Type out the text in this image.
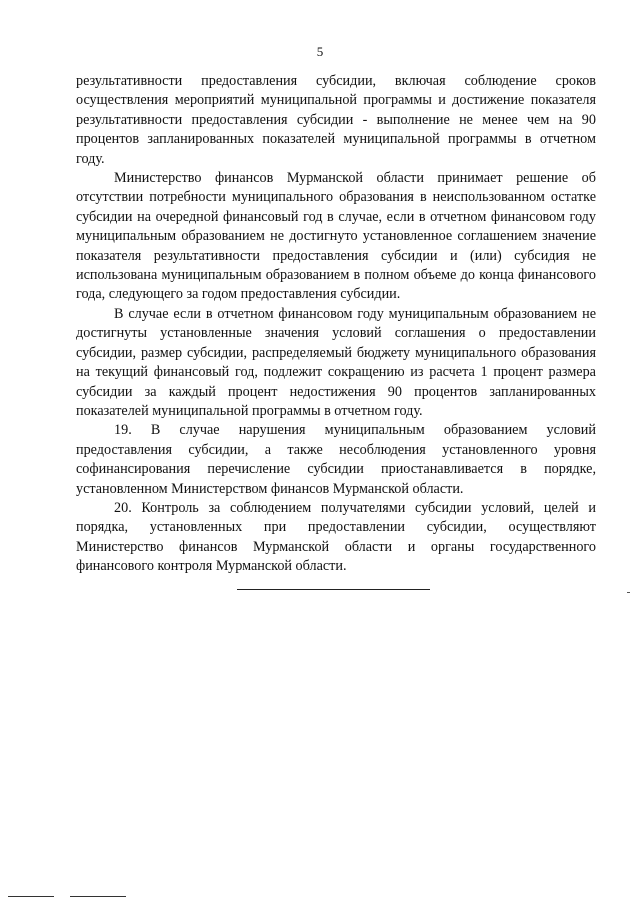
5

результативности предоставления субсидии, включая соблюдение сроков осуществления мероприятий муниципальной программы и достижение показателя результативности предоставления субсидии - выполнение не менее чем на 90 процентов запланированных показателей муниципальной программы в отчетном году.

Министерство финансов Мурманской области принимает решение об отсутствии потребности муниципального образования в неиспользованном остатке субсидии на очередной финансовый год в случае, если в отчетном финансовом году муниципальным образованием не достигнуто установленное соглашением значение показателя результативности предоставления субсидии и (или) субсидия не использована муниципальным образованием в полном объеме до конца финансового года, следующего за годом предоставления субсидии.

В случае если в отчетном финансовом году муниципальным образованием не достигнуты установленные значения условий соглашения о предоставлении субсидии, размер субсидии, распределяемый бюджету муниципального образования на текущий финансовый год, подлежит сокращению из расчета 1 процент размера субсидии за каждый процент недостижения 90 процентов запланированных показателей муниципальной программы в отчетном году.

19. В случае нарушения муниципальным образованием условий предоставления субсидии, а также несоблюдения установленного уровня софинансирования перечисление субсидии приостанавливается в порядке, установленном Министерством финансов Мурманской области.

20. Контроль за соблюдением получателями субсидии условий, целей и порядка, установленных при предоставлении субсидии, осуществляют Министерство финансов Мурманской области и органы государственного финансового контроля Мурманской области.
